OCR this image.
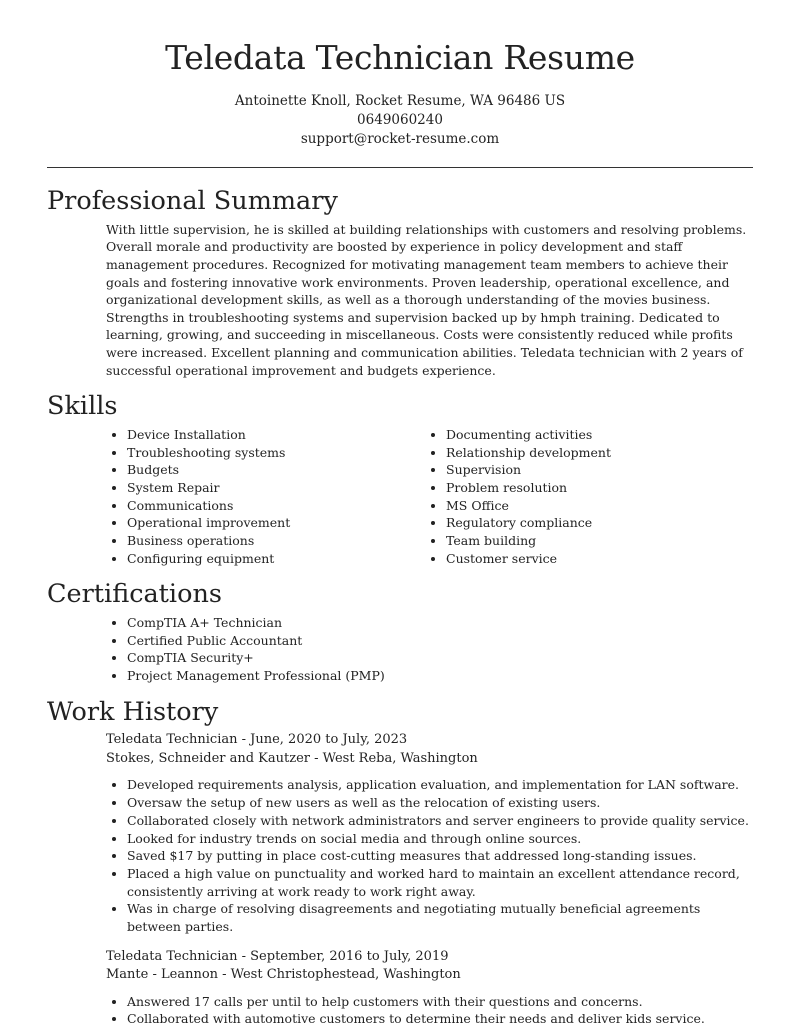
Teledata Technician Resume
Antoinette Knoll, Rocket Resume, WA 96486 US
0649060240
support@rocket-resume.com
Professional Summary

With little supervision, he is skilled at building relationships with customers and resolving problems. Overall morale and productivity are boosted by experience in policy development and staff management procedures. Recognized for motivating management team members to achieve their goals and fostering innovative work environments. Proven leadership, operational excellence, and organizational development skills, as well as a thorough understanding of the movies business. Strengths in troubleshooting systems and supervision backed up by hmph training. Dedicated to learning, growing, and succeeding in miscellaneous. Costs were consistently reduced while profits were increased. Excellent planning and communication abilities. Teledata technician with 2 years of successful operational improvement and budgets experience.

Skills
• Device Installation
• Troubleshooting systems
• Budgets
• System Repair
• Communications
• Operational improvement
• Business operations
• Configuring equipment
• Documenting activities
• Relationship development
• Supervision
• Problem resolution
• MS Office
• Regulatory compliance
• Team building
• Customer service
Certifications
• CompTIA A+ Technician
• Certified Public Accountant
• CompTIA Security+
• Project Management Professional (PMP)
Work History
Teledata Technician - June, 2020 to July, 2023
Stokes, Schneider and Kautzer - West Reba, Washington
• Developed requirements analysis, application evaluation, and implementation for LAN software.
• Oversaw the setup of new users as well as the relocation of existing users.
• Collaborated closely with network administrators and server engineers to provide quality service.
• Looked for industry trends on social media and through online sources.
• Saved $17 by putting in place cost-cutting measures that addressed long-standing issues.
• Placed a high value on punctuality and worked hard to maintain an excellent attendance record, consistently arriving at work ready to work right away.
• Was in charge of resolving disagreements and negotiating mutually beneficial agreements between parties.
Teledata Technician - September, 2016 to July, 2019
Mante - Leannon - West Christophestead, Washington
• Answered 17 calls per until to help customers with their questions and concerns.
• Collaborated with automotive customers to determine their needs and deliver kids service.
